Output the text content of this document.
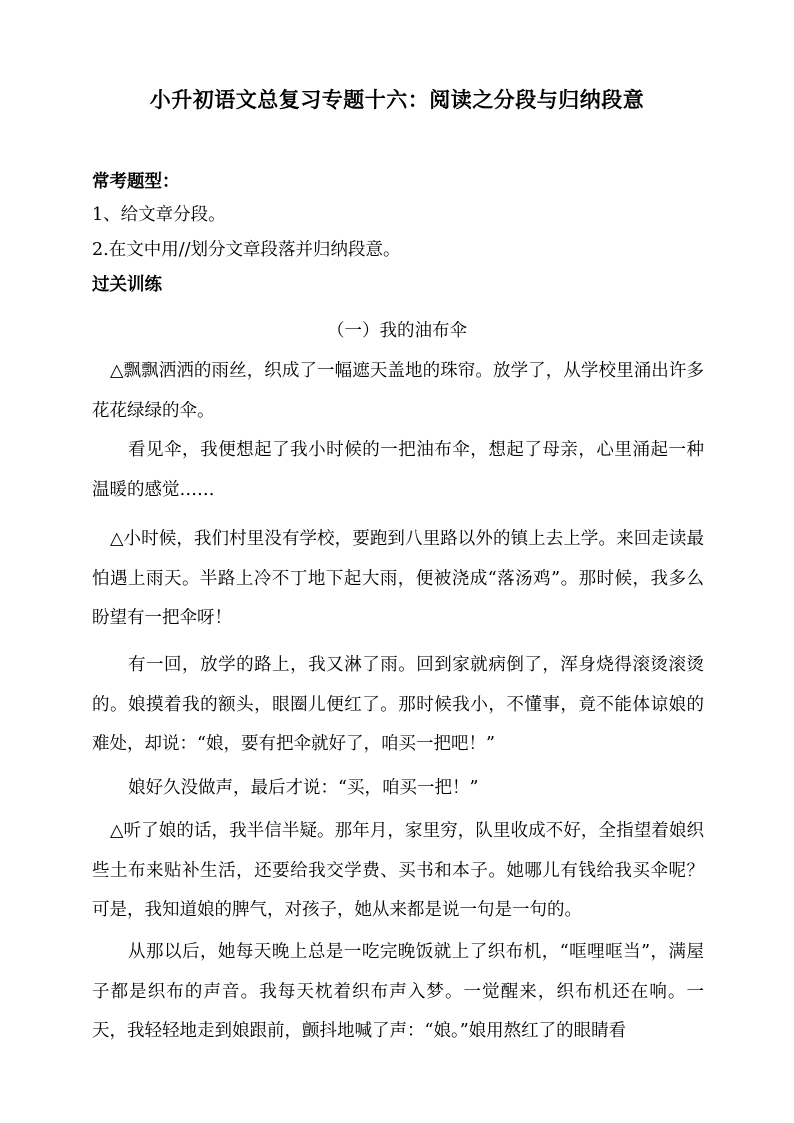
小升初语文总复习专题十六：阅读之分段与归纳段意
常考题型：
1、给文章分段。
2.在文中用//划分文章段落并归纳段意。
过关训练
（一）我的油布伞
△飘飘洒洒的雨丝，织成了一幅遮天盖地的珠帘。放学了，从学校里涌出许多花花绿绿的伞。
看见伞，我便想起了我小时候的一把油布伞，想起了母亲，心里涌起一种温暖的感觉……
△小时候，我们村里没有学校，要跑到八里路以外的镇上去上学。来回走读最怕遇上雨天。半路上冷不丁地下起大雨，便被浇成“落汤鸡”。那时候，我多么盼望有一把伞呀！
有一回，放学的路上，我又淋了雨。回到家就病倒了，浑身烧得滚烫滚烫的。娘摸着我的额头，眼圈儿便红了。那时候我小，不懂事，竟不能体谅娘的难处，却说：“娘，要有把伞就好了，咱买一把吧！”
娘好久没做声，最后才说：“买，咱买一把！”
△听了娘的话，我半信半疑。那年月，家里穷，队里收成不好，全指望着娘织些土布来贴补生活，还要给我交学费、买书和本子。她哪儿有钱给我买伞呢？可是，我知道娘的脾气，对孩子，她从来都是说一句是一句的。
从那以后，她每天晚上总是一吃完晚饭就上了织布机，“哐哩哐当”，满屋子都是织布的声音。我每天枕着织布声入梦。一觉醒来，织布机还在响。一天，我轻轻地走到娘跟前，颤抖地喊了声：“娘。”娘用熬红了的眼睛看
